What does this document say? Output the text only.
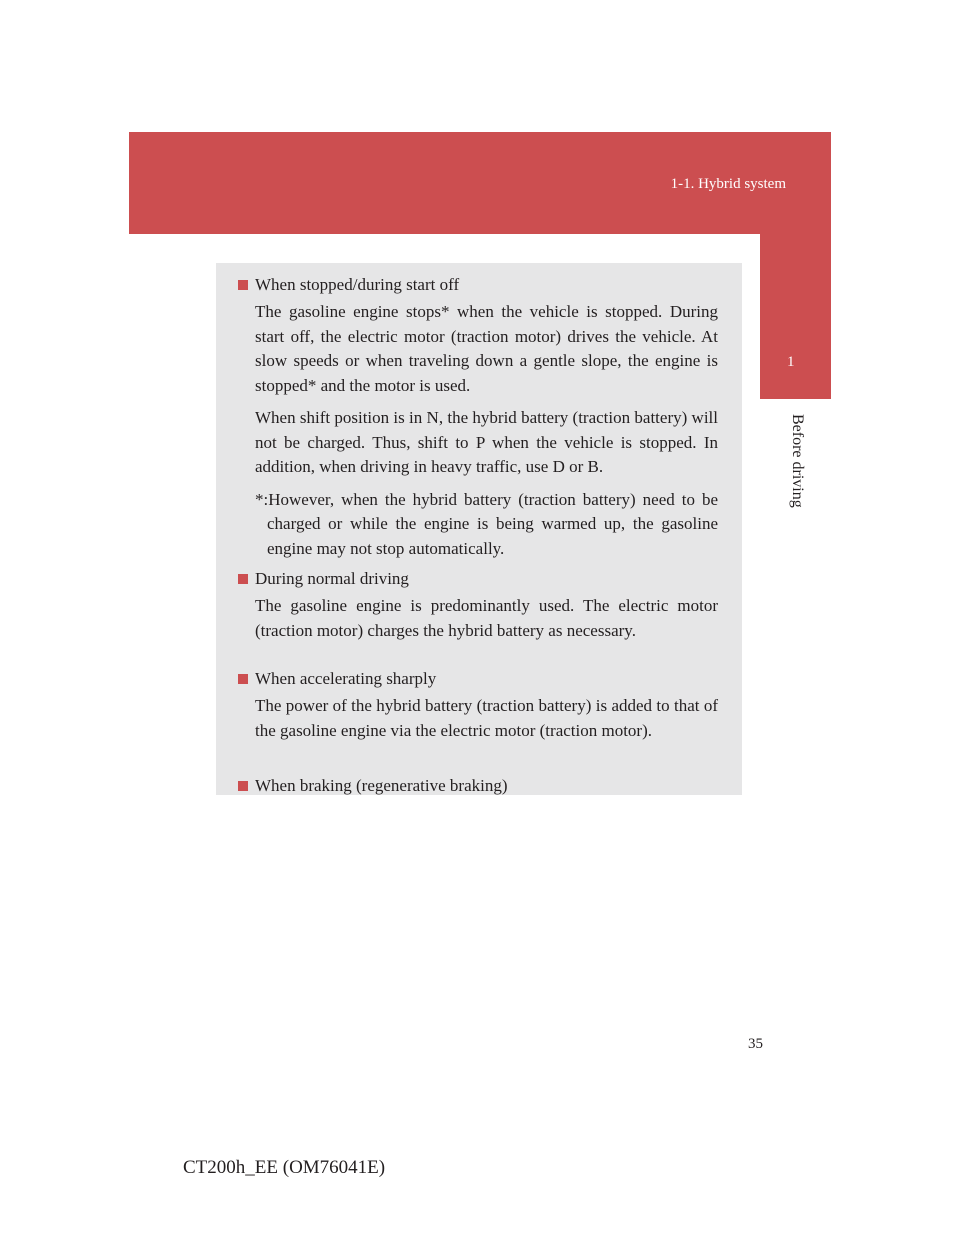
1-1. Hybrid system
1
Before driving
When stopped/during start off
The gasoline engine stops* when the vehicle is stopped. During start off, the electric motor (traction motor) drives the vehicle. At slow speeds or when traveling down a gentle slope, the engine is stopped* and the motor is used.
When shift position is in N, the hybrid battery (traction battery) will not be charged. Thus, shift to P when the vehicle is stopped. In addition, when driving in heavy traffic, use D or B.
*:However, when the hybrid battery (traction battery) need to be charged or while the engine is being warmed up, the gasoline engine may not stop automatically.
During normal driving
The gasoline engine is predominantly used. The electric motor (traction motor) charges the hybrid battery as necessary.
When accelerating sharply
The power of the hybrid battery (traction battery) is added to that of the gasoline engine via the electric motor (traction motor).
When braking (regenerative braking)
35
CT200h_EE (OM76041E)
